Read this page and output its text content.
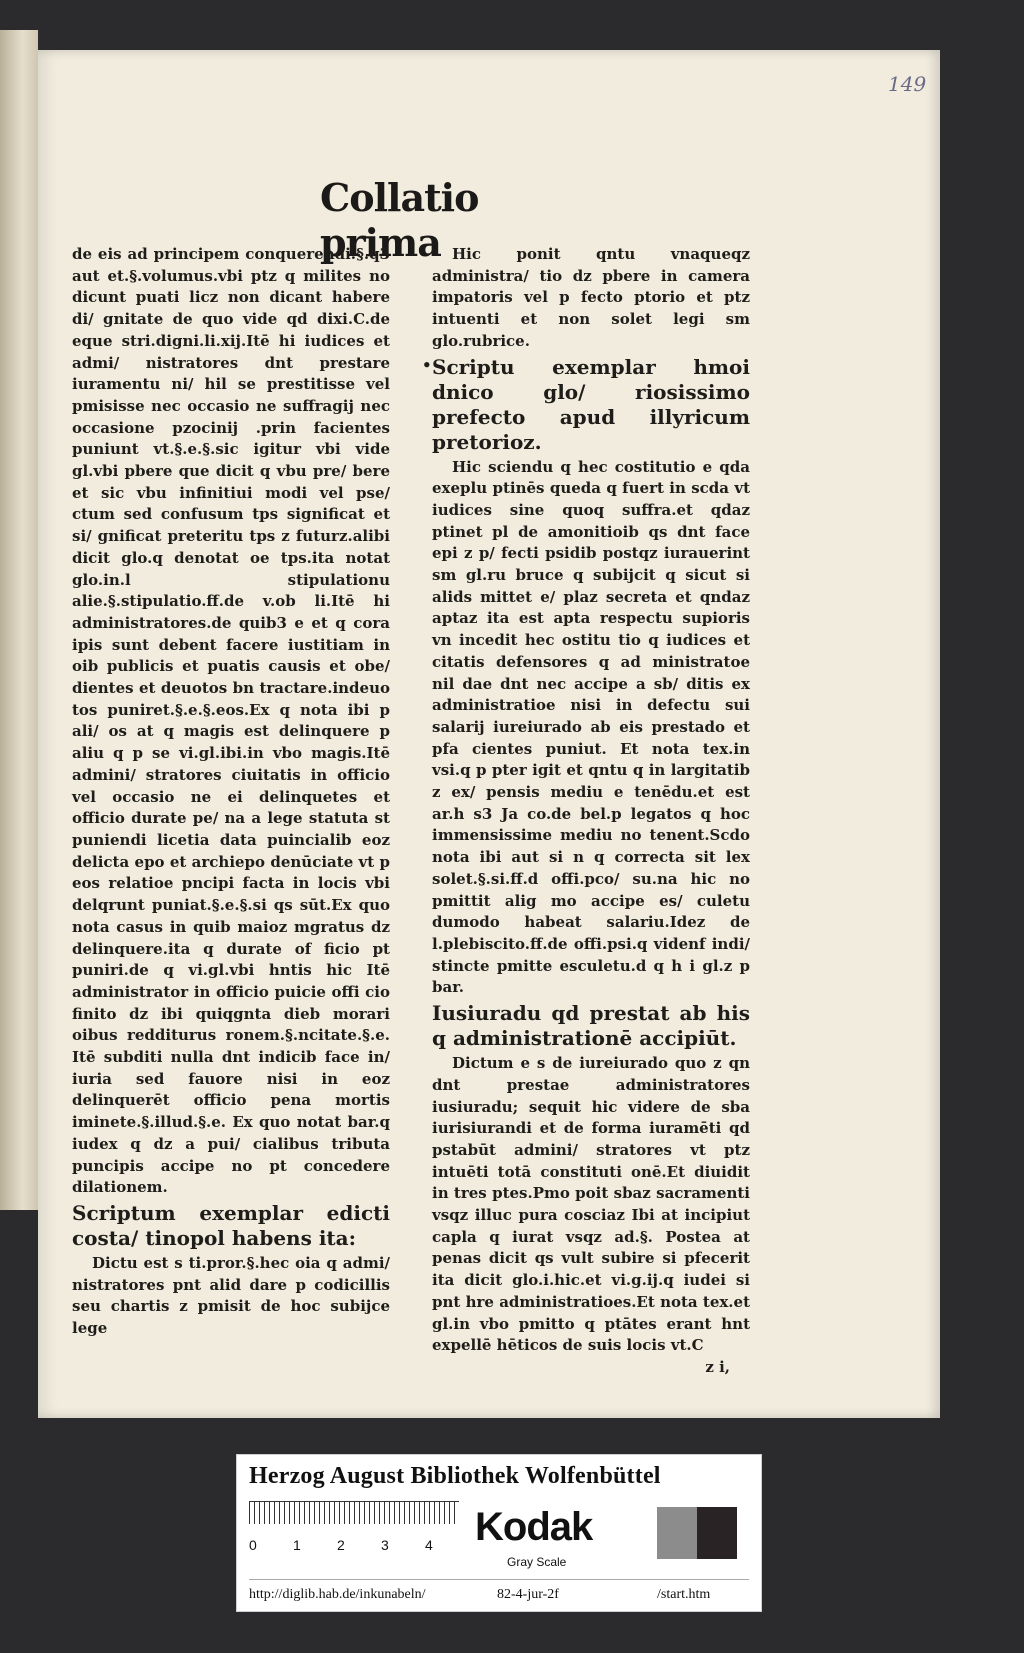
149
Collatio prima

de eis ad principem conquerendi.§.q3 aut et.§.volumus.vbi ptz q milites no dicunt puati licz non dicant habere di/ gnitate de quo vide qd dixi.C.de eque stri.digni.li.xij.Itē hi iudices et admi/ nistratores dnt prestare iuramentu ni/ hil se prestitisse vel pmisisse nec occasio ne suffragij nec occasione pzocinij .prin facientes puniunt vt.§.e.§.sic igitur vbi vide gl.vbi pbere que dicit q vbu pre/ bere et sic vbu infinitiui modi vel pse/ ctum sed confusum tps significat et si/ gnificat preteritu tps z futurz.alibi dicit glo.q denotat oe tps.ita notat glo.in.l stipulationu alie.§.stipulatio.ff.de v.ob li.Itē hi administratores.de quib3 e et q cora ipis sunt debent facere iustitiam in oib publicis et puatis causis et obe/ dientes et deuotos bn tractare.indeuo tos puniret.§.e.§.eos.Ex q nota ibi p ali/ os at q magis est delinquere p aliu q p se vi.gl.ibi.in vbo magis.Itē admini/ stratores ciuitatis in officio vel occasio ne ei delinquetes et officio durate pe/ na a lege statuta st puniendi licetia data puincialib eoz delicta epo et archiepo denūciate vt p eos relatioe pncipi facta in locis vbi delqrunt puniat.§.e.§.si qs sūt.Ex quo nota casus in quib maioz mgratus dz delinquere.ita q durate of ficio pt puniri.de q vi.gl.vbi hntis hic Itē administrator in officio puicie offi cio finito dz ibi quiqgnta dieb morari oibus redditurus ronem.§.ncitate.§.e. Itē subditi nulla dnt indicib face in/ iuria sed fauore nisi in eoz delinquerēt officio pena mortis iminete.§.illud.§.e. Ex quo notat bar.q iudex q dz a pui/ cialibus tributa puncipis accipe no pt concedere dilationem.

Scriptum exemplar edicti costa/ tinopol habens ita:

Dictu est s ti.pror.§.hec oia q admi/ nistratores pnt alid dare p codicillis seu chartis z pmisit de hoc subijce lege

Hic ponit qntu vnaqueqz administra/ tio dz pbere in camera impatoris vel p fecto ptorio et ptz intuenti et non solet legi sm glo.rubrice.

• Scriptu exemplar hmoi dnico glo/ riosissimo prefecto apud illyricum pretorioz.

Hic sciendu q hec costitutio e qda exeplu ptinēs queda q fuert in scda vt iudices sine quoq suffra.et qdaz ptinet pl de amonitioib qs dnt face epi z p/ fecti psidib postqz iurauerint sm gl.ru bruce q subijcit q sicut si alids mittet e/ plaz secreta et qndaz aptaz ita est apta respectu supioris vn incedit hec ostitu tio q iudices et citatis defensores q ad ministratoe nil dae dnt nec accipe a sb/ ditis ex administratioe nisi in defectu sui salarij iureiurado ab eis prestado et pfa cientes puniut. Et nota tex.in vsi.q p pter igit et qntu q in largitatib z ex/ pensis mediu e tenēdu.et est ar.h s3 Ja co.de bel.p legatos q hoc immensissime mediu no tenent.Scdo nota ibi aut si n q correcta sit lex solet.§.si.ff.d offi.pco/ su.na hic no pmittit alig mo accipe es/ culetu dumodo habeat salariu.Idez de l.plebiscito.ff.de offi.psi.q videnf indi/ stincte pmitte esculetu.d q h i gl.z p bar.

Iusiuradu qd prestat ab his q administrationē accipiūt.

Dictum e s de iureiurado quo z qn dnt prestae administratores iusiuradu; sequit hic videre de sba iurisiurandi et de forma iuramēti qd pstabūt admini/ stratores vt ptz intuēti totā constituti onē.Et diuidit in tres ptes.Pmo poit sbaz sacramenti vsqz illuc pura cosciaz Ibi at incipiut capla q iurat vsqz ad.§. Postea at penas dicit qs vult subire si pfecerit ita dicit glo.i.hic.et vi.g.ij.q iudei si pnt hre administratioes.Et nota tex.et gl.in vbo pmitto q ptātes erant hnt expellē hēticos de suis locis vt.C

z i,

Herzog August Bibliothek Wolfenbüttel
0	1	2	3	4 Kodak
Gray Scale
http://diglib.hab.de/inkunabeln/	82-4-jur-2f	/start.htm
